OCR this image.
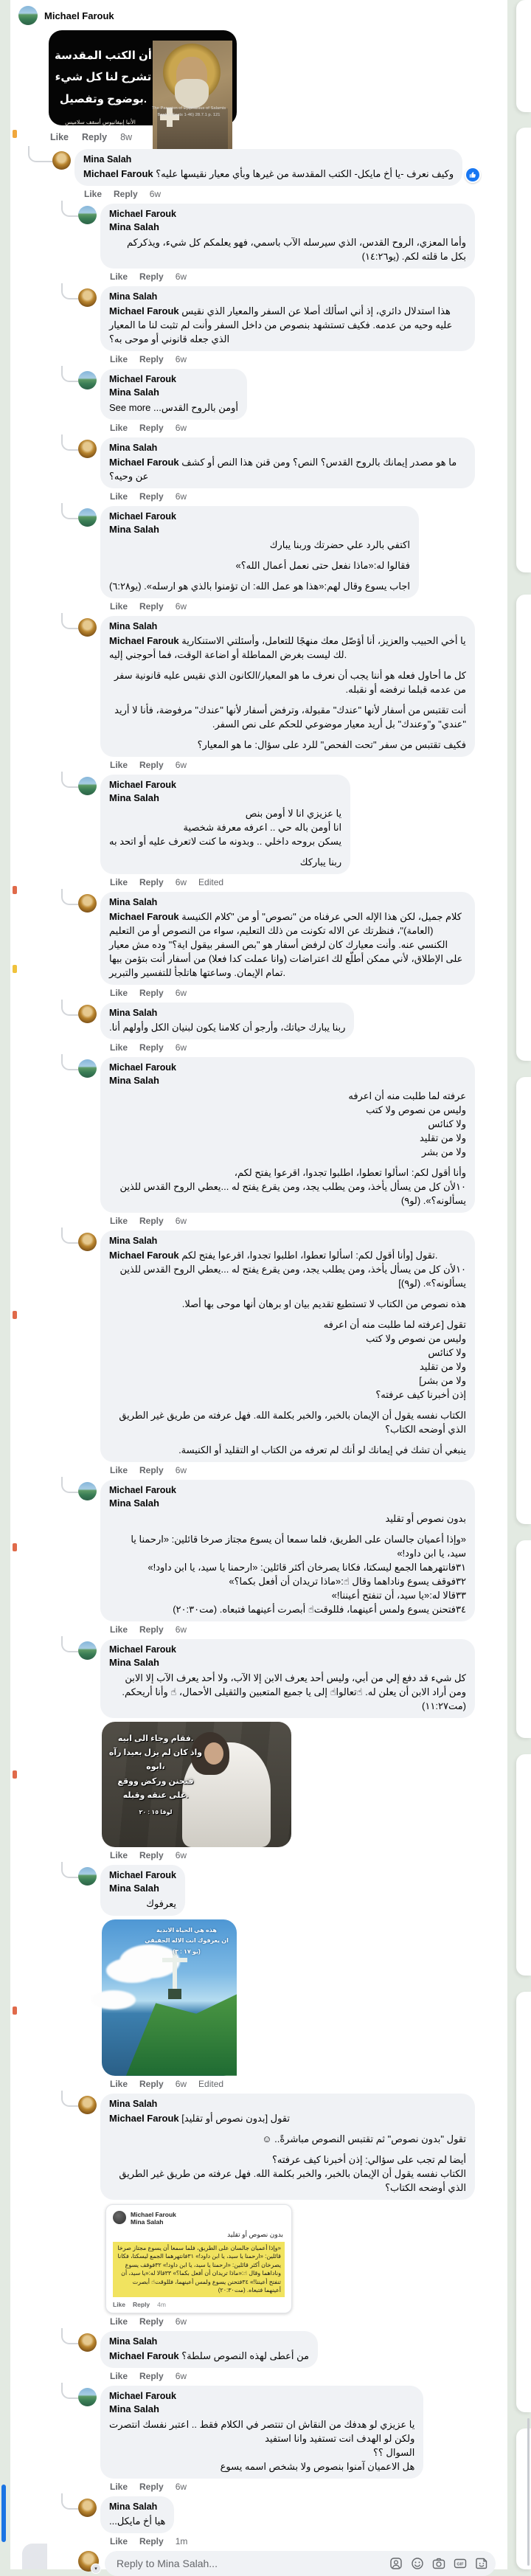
Michael Farouk
أن الكتب المقدسة
تشرح لنا كل شيء
بوضوح وتفصيل.
الأنبا إبيفانيوس أسقف سلاميس
The Panarion of Epiphanius of Salamis
Book I (Sects 1-46) 28.7.1 p. 121
Like Reply 8w
Mina Salah
Michael Farouk وكيف نعرف -يا أخ مايكل- الكتب المقدسة من غيرها وبأي معيار نقيسها عليه؟
Like Reply 6w
Michael Farouk
Mina Salah
وأما المعزي، الروح القدس، الذي سيرسله الآب باسمي، فهو يعلمكم كل شيء، ويذكركم بكل ما قلته لكم. (يو١٤:٢٦)
Like Reply 6w
Mina Salah
Michael Farouk هذا استدلال دائري، إذ أني اسألك أصلا عن السفر والمعيار الذي نقيس عليه وحيه من عدمه. فكيف تستشهد بنصوص من داخل السفر وأنت لم تثبت لنا ما المعيار الذي جعله قانوني أو موحى به؟
Like Reply 6w
Michael Farouk
Mina Salah
أومن بالروح القدس... See more
Like Reply 6w
Mina Salah
Michael Farouk ما هو مصدر إيمانك بالروح القدس؟ النص؟ ومن قنن هذا النص أو كشف عن وحيه؟
Like Reply 6w
Michael Farouk
Mina Salah
اكتفي بالرد علي حضرتك وربنا يبارك
فقالوا له:«ماذا نفعل حتى نعمل أعمال الله؟»
اجاب يسوع وقال لهم:«هذا هو عمل الله: ان تؤمنوا بالذي هو ارسله». (يو٦:٢٨)
Like Reply 6w
Mina Salah
Michael Farouk يا أخي الحبيب والعزيز، أنا أؤصّل معك منهجًا للتعامل، وأسئلتي الاستنكارية لك ليست بغرض المماطلة أو اضاعة الوقت، فما أحوجني إليه.
كل ما أحاول فعله هو أننا يجب أن نعرف ما هو المعيار/الكانون الذي نقيس عليه قانونية سفر من عدمه قبلما نرفضه أو نقبله.
أنت تقتبس من أسفار لأنها "عندك" مقبولة، وترفض أسفار لأنها "عندك" مرفوضة، فأنا لا أريد "عندي" و"وعندك" بل أريد معيار موضوعي للحكم على نص السفر.
فكيف تقتبس من سفر "تحت الفحص" للرد على سؤال: ما هو المعيار؟
Like Reply 6w
Michael Farouk
Mina Salah
يا عزيزي انا لا أومن بنص
انا أومن باله حي .. اعرفه معرفة شخصية
يسكن بروحه داخلي .. وبدونه ما كنت لاتعرف عليه أو اتحد به
ربنا يباركك
Like Reply 6w Edited
Mina Salah
Michael Farouk كلام جميل، لكن هذا الإله الحي عرفناه من "نصوص" أو من "كلام الكنيسة (العامة)"، فنظرتك عن الاله تكونت من ذلك التعليم، سواء من النصوص أو من التعليم الكنسي عنه. وأنت معيارك كان لرفض أسفار هو "بص السفر بيقول اية؟" وده مش معيار على الإطلاق، لأني ممكن أطلّع لك اعتراضات (وانا عملت كدا فعلا) من أسفار أنت بتؤمن بيها تمام الإيمان. وساعتها هاتلجأ للتفسير والتبرير.
Like Reply 6w
Mina Salah
ربنا يبارك حياتك، وأرجو أن كلامنا يكون لبنيان الكل وأولهم أنا.
Like Reply 6w
Michael Farouk
Mina Salah
عرفته لما طلبت منه أن اعرفه
وليس من نصوص ولا كتب
ولا كنائس
ولا من تقليد
ولا من بشر
وأنا أقول لكم: اسألوا تعطوا، اطلبوا تجدوا، اقرعوا يفتح لكم،
١٠لأن كل من يسأل يأخذ، ومن يطلب يجد، ومن يقرع يفتح له ...يعطي الروح القدس للذين يسألونه؟». (لو٩)
Like Reply 6w
Mina Salah
Michael Farouk تقول [وأنا أقول لكم: اسألوا تعطوا، اطلبوا تجدوا، اقرعوا يفتح لكم.
١٠لأن كل من يسأل يأخذ، ومن يطلب يجد، ومن يقرع يفتح له ...يعطي الروح القدس للذين يسألونه؟». (لو٩)]
هذه نصوص من الكتاب لا تستطيع تقديم بيان او برهان أنها موحى بها أصلا.
تقول [عرفته لما طلبت منه أن اعرفه
وليس من نصوص ولا كتب
ولا كنائس
ولا من تقليد
ولا من بشر]
إذن أخبرنا كيف عرفته؟
الكتاب نفسه يقول أن الإيمان بالخبر، والخبر بكلمة الله. فهل عرفته من طريق غير الطريق الذي أوضحه الكتاب؟
ينبغي أن تشك في إيمانك لو أنك لم تعرفه من الكتاب او التقليد أو الكنيسة.
Like Reply 6w
Michael Farouk
Mina Salah
بدون نصوص أو تقليد
«وإذا أعميان جالسان على الطريق، فلما سمعا أن يسوع مجتاز صرخا قائلين: «ارحمنا يا سيد، يا ابن داود!»
٣١فانتهرهما الجمع ليسكتا، فكانا يصرخان أكثر قائلين: «ارحمنا يا سيد، يا ابن داود!»
٣٢فوقف يسوع وناداهما وقال ☝:«ماذا تريدان أن أفعل بكما؟»
٣٣قالا له:«يا سيد، أن تنفتح أعيننا!»
٣٤فتحنن يسوع ولمس أعينهما، فللوقت☝ أبصرت أعينهما فتبعاه. (مت٢٠:٣٠)
Like Reply 6w
Michael Farouk
Mina Salah
كل شيء قد دفع إلي من أبي، وليس أحد يعرف الابن إلا الآب، ولا أحد يعرف الآب إلا الابن ومن أراد الابن أن يعلن له. ☝تعالوا☝ إلى يا جميع المتعبين والثقيلى الأحمال، ☝ وأنا أريحكم. (مت١١:٢٧)
فقام وجاء الى ابيه.
واذ كان لم يزل بعيدا رآه ابوه،
فتحنن وركض ووقع
على عنقه وقبله.
لوقا ١٥ : ٢٠
Like Reply 6w
Michael Farouk
Mina Salah
يعرفوك
هذه هي الحياة الابدية
ان يعرفوك انت الاله الحقيقي
(يو ١٧ : ٣)
Like Reply 6w Edited
Mina Salah
Michael Farouk تقول [بدون نصوص أو تقليد]
تقول "بدون نصوص" ثم تقتبس النصوص مباشرةً.. ☺
أيضا لم تجب على سؤالي: إذن أخبرنا كيف عرفته؟
الكتاب نفسه يقول أن الإيمان بالخبر، والخبر بكلمة الله. فهل عرفته من طريق غير الطريق الذي أوضحه الكتاب؟
Michael Farouk
Mina Salah
بدون نصوص أو تقليد
«وإذا أعميان جالسان على الطريق، فلما سمعا أن يسوع مجتاز صرخا قائلين: «ارحمنا يا سيد، يا ابن داود!» ٣١فانتهرهما الجمع ليسكتا، فكانا يصرخان أكثر قائلين: «ارحمنا يا سيد، يا ابن داود!» ٣٢فوقف يسوع وناداهما وقال ☝:«ماذا تريدان أن أفعل بكما؟» ٣٣قالا له:«يا سيد، أن تنفتح أعيننا!» ٣٤فتحنن يسوع ولمس أعينهما، فللوقت☝ أبصرت أعينهما فتبعاه. (مت٢٠:٣٠)
Like Reply 4m
Like Reply 6w
Mina Salah
Michael Farouk من أعطى لهذه النصوص سلطة؟
Like Reply 6w
Michael Farouk
Mina Salah
يا عزيزي لو هدفك من النقاش ان تنتصر في الكلام فقط .. اعتبر نفسك انتصرت
ولكن لو الهدف انت تستفيد وانا استفيد
السوال ؟؟
هل الاعميان آمنوا بنصوص ولا بشخص اسمه يسوع
Like Reply 6w
Mina Salah
هيا أخ مايكل...
Like Reply 1m
▾
Reply to Mina Salah...
GIF
